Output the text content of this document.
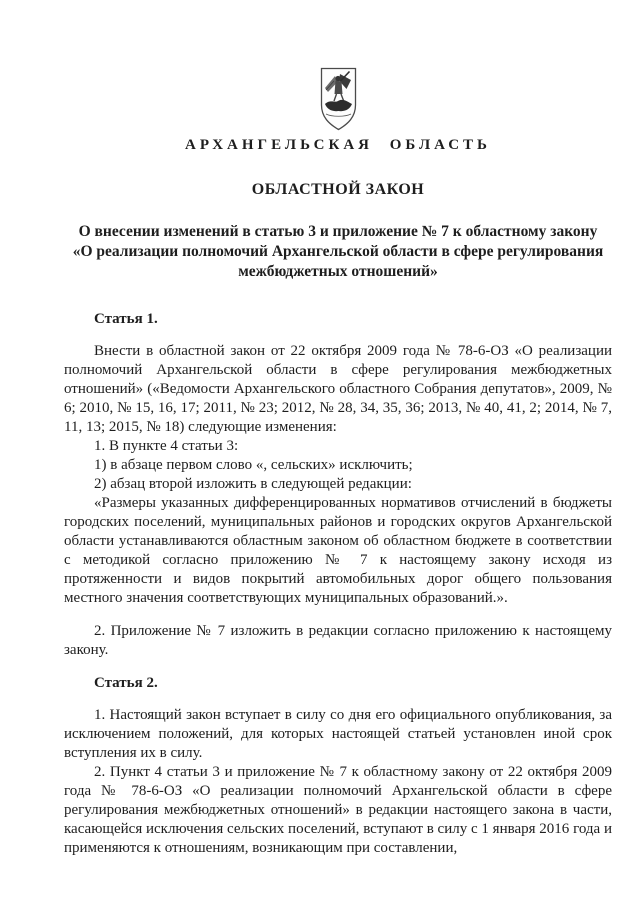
АРХАНГЕЛЬСКАЯ ОБЛАСТЬ
ОБЛАСТНОЙ ЗАКОН
О внесении изменений в статью 3 и приложение № 7 к областному закону
«О реализации полномочий Архангельской области в сфере регулирования
межбюджетных отношений»
Статья 1.

Внести в областной закон от 22 октября 2009 года № 78-6-ОЗ «О реализации полномочий Архангельской области в сфере регулирования межбюджетных отношений» («Ведомости Архангельского областного Собрания депутатов», 2009, № 6; 2010, № 15, 16, 17; 2011, № 23; 2012, № 28, 34, 35, 36; 2013, № 40, 41, 2; 2014, № 7, 11, 13; 2015, № 18) следующие изменения:

1. В пункте 4 статьи 3:

1) в абзаце первом слово «, сельских» исключить;

2) абзац второй изложить в следующей редакции:

«Размеры указанных дифференцированных нормативов отчислений в бюджеты городских поселений, муниципальных районов и городских округов Архангельской области устанавливаются областным законом об областном бюджете в соответствии с методикой согласно приложению № 7 к настоящему закону исходя из протяженности и видов покрытий автомобильных дорог общего пользования местного значения соответствующих муниципальных образований.».

2. Приложение № 7 изложить в редакции согласно приложению к настоящему закону.

Статья 2.

1. Настоящий закон вступает в силу со дня его официального опубликования, за исключением положений, для которых настоящей статьей установлен иной срок вступления их в силу.

2. Пункт 4 статьи 3 и приложение № 7 к областному закону от 22 октября 2009 года № 78-6-ОЗ «О реализации полномочий Архангельской области в сфере регулирования межбюджетных отношений» в редакции настоящего закона в части, касающейся исключения сельских поселений, вступают в силу с 1 января 2016 года и применяются к отношениям, возникающим при составлении,
